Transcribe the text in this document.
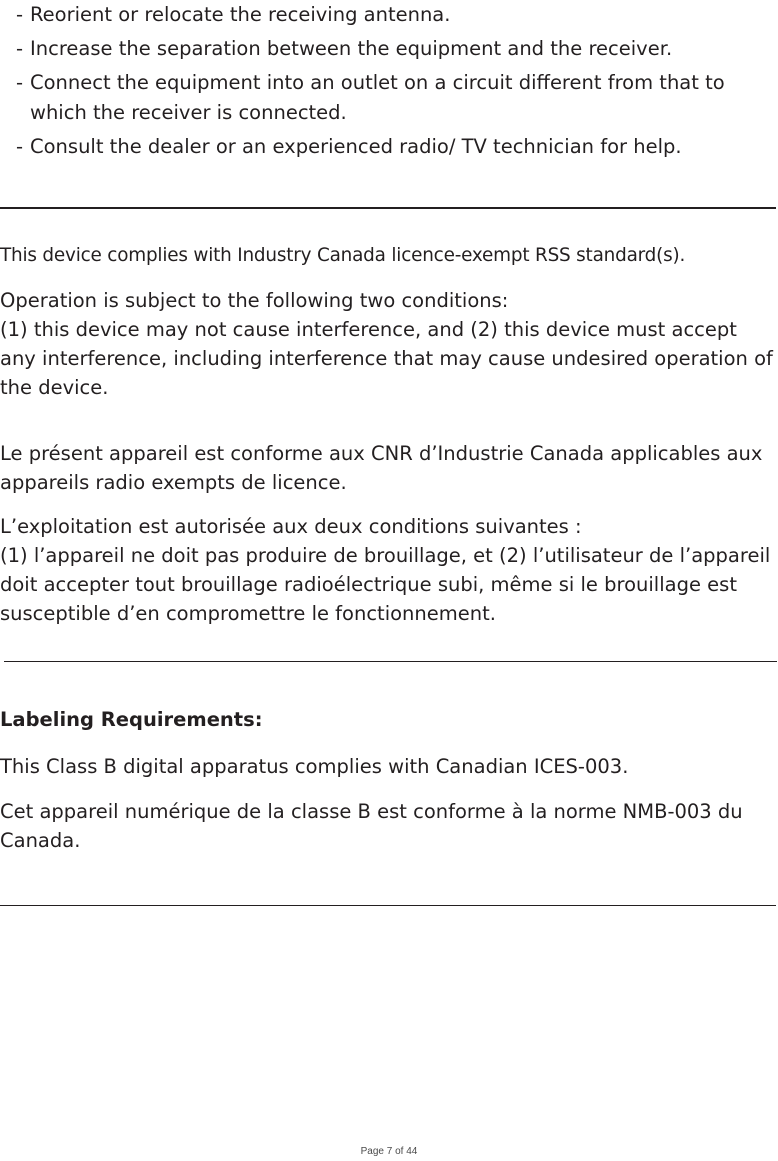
- Reorient or relocate the receiving antenna.
- Increase the separation between the equipment and the receiver.
- Connect the equipment into an outlet on a circuit different from that to which the receiver is connected.
- Consult the dealer or an experienced radio/ TV technician for help.

This device complies with Industry Canada licence-exempt RSS standard(s).

Operation is subject to the following two conditions:

(1) this device may not cause interference, and (2) this device must accept any interference, including interference that may cause undesired operation of the device.

Le présent appareil est conforme aux CNR d’Industrie Canada applicables aux appareils radio exempts de licence.

L’exploitation est autorisée aux deux conditions suivantes :

(1) l’appareil ne doit pas produire de brouillage, et (2) l’utilisateur de l’appareil doit accepter tout brouillage radioélectrique subi, même si le brouillage est susceptible d’en compromettre le fonctionnement.

Labeling Requirements:

This Class B digital apparatus complies with Canadian ICES-003.

Cet appareil numérique de la classe B est conforme à la norme NMB-003 du Canada.

Page 7 of 44
